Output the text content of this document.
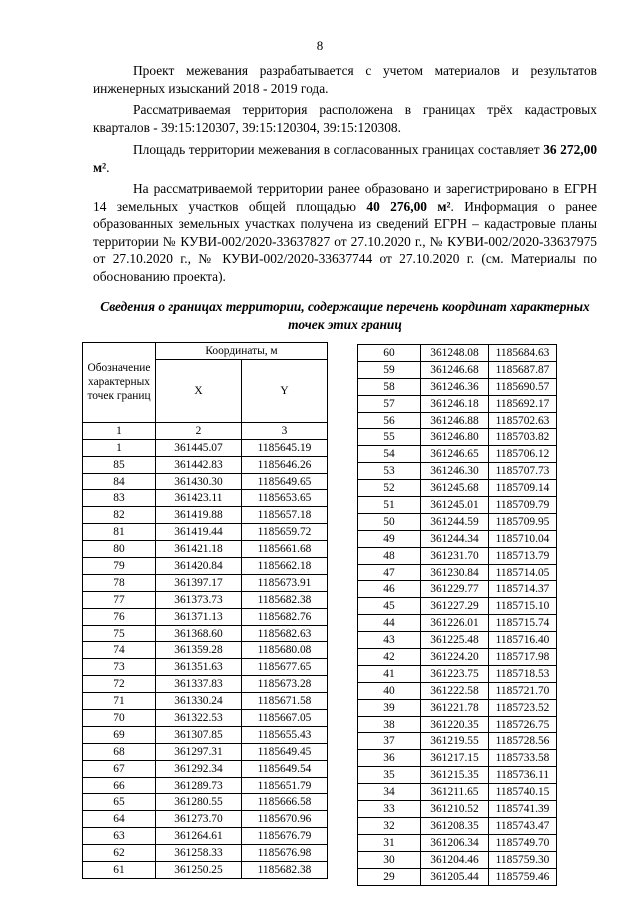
8

Проект межевания разрабатывается с учетом материалов и результатов инженерных изысканий 2018 - 2019 года.

Рассматриваемая территория расположена в границах трёх кадастровых кварталов - 39:15:120307, 39:15:120304, 39:15:120308.

Площадь территории межевания в согласованных границах составляет 36 272,00 м².

На рассматриваемой территории ранее образовано и зарегистрировано в ЕГРН 14 земельных участков общей площадью 40 276,00 м². Информация о ранее образованных земельных участках получена из сведений ЕГРН – кадастровые планы территории № КУВИ-002/2020-33637827 от 27.10.2020 г., № КУВИ-002/2020-33637975 от 27.10.2020 г., № КУВИ-002/2020-33637744 от 27.10.2020 г. (см. Материалы по обоснованию проекта).

Сведения о границах территории, содержащие перечень координат характерных точек этих границ

Обозначение характерных точек границ	Координаты, м	
	X	Y
1	2	3
1	361445.07	1185645.19
85	361442.83	1185646.26
84	361430.30	1185649.65
83	361423.11	1185653.65
82	361419.88	1185657.18
81	361419.44	1185659.72
80	361421.18	1185661.68
79	361420.84	1185662.18
78	361397.17	1185673.91
77	361373.73	1185682.38
76	361371.13	1185682.76
75	361368.60	1185682.63
74	361359.28	1185680.08
73	361351.63	1185677.65
72	361337.83	1185673.28
71	361330.24	1185671.58
70	361322.53	1185667.05
69	361307.85	1185655.43
68	361297.31	1185649.45
67	361292.34	1185649.54
66	361289.73	1185651.79
65	361280.55	1185666.58
64	361273.70	1185670.96
63	361264.61	1185676.79
62	361258.33	1185676.98
61	361250.25	1185682.38
60	361248.08	1185684.63
59	361246.68	1185687.87
58	361246.36	1185690.57
57	361246.18	1185692.17
56	361246.88	1185702.63
55	361246.80	1185703.82
54	361246.65	1185706.12
53	361246.30	1185707.73
52	361245.68	1185709.14
51	361245.01	1185709.79
50	361244.59	1185709.95
49	361244.34	1185710.04
48	361231.70	1185713.79
47	361230.84	1185714.05
46	361229.77	1185714.37
45	361227.29	1185715.10
44	361226.01	1185715.74
43	361225.48	1185716.40
42	361224.20	1185717.98
41	361223.75	1185718.53
40	361222.58	1185721.70
39	361221.78	1185723.52
38	361220.35	1185726.75
37	361219.55	1185728.56
36	361217.15	1185733.58
35	361215.35	1185736.11
34	361211.65	1185740.15
33	361210.52	1185741.39
32	361208.35	1185743.47
31	361206.34	1185749.70
30	361204.46	1185759.30
29	361205.44	1185759.46
